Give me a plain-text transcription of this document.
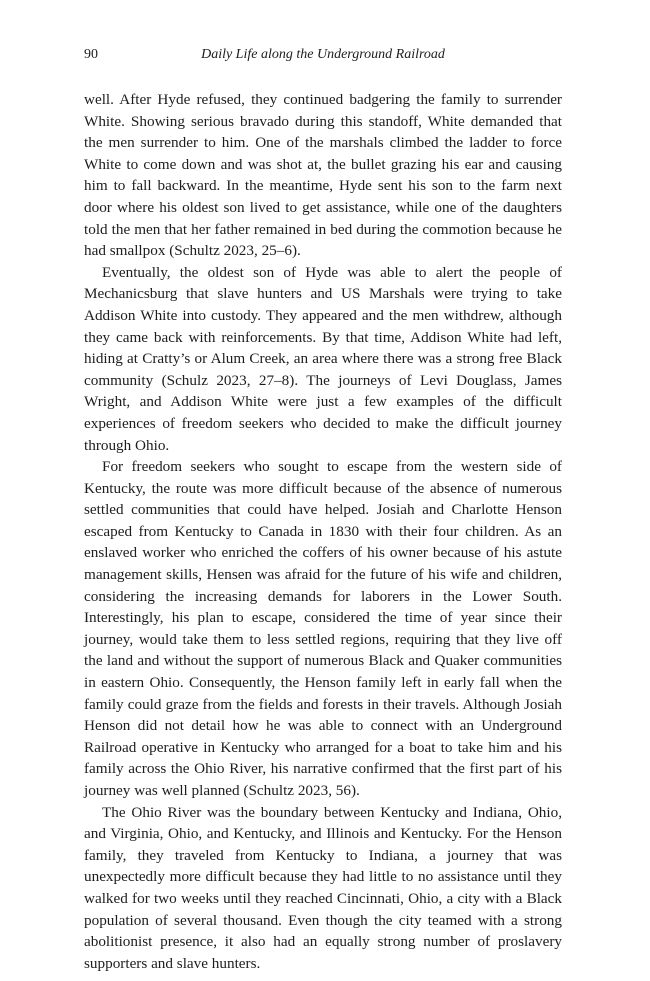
90	Daily Life along the Underground Railroad

well. After Hyde refused, they continued badgering the family to surrender White. Showing serious bravado during this standoff, White demanded that the men surrender to him. One of the marshals climbed the ladder to force White to come down and was shot at, the bullet grazing his ear and causing him to fall backward. In the meantime, Hyde sent his son to the farm next door where his oldest son lived to get assistance, while one of the daughters told the men that her father remained in bed during the commotion because he had smallpox (Schultz 2023, 25–6).

Eventually, the oldest son of Hyde was able to alert the people of Mechanicsburg that slave hunters and US Marshals were trying to take Addison White into custody. They appeared and the men withdrew, although they came back with reinforcements. By that time, Addison White had left, hiding at Cratty’s or Alum Creek, an area where there was a strong free Black community (Schulz 2023, 27–8). The journeys of Levi Douglass, James Wright, and Addison White were just a few examples of the difficult experiences of freedom seekers who decided to make the difficult journey through Ohio.

For freedom seekers who sought to escape from the western side of Kentucky, the route was more difficult because of the absence of numerous settled communities that could have helped. Josiah and Charlotte Henson escaped from Kentucky to Canada in 1830 with their four children. As an enslaved worker who enriched the coffers of his owner because of his astute management skills, Hensen was afraid for the future of his wife and children, considering the increasing demands for laborers in the Lower South. Interestingly, his plan to escape, considered the time of year since their journey, would take them to less settled regions, requiring that they live off the land and without the support of numerous Black and Quaker communities in eastern Ohio. Consequently, the Henson family left in early fall when the family could graze from the fields and forests in their travels. Although Josiah Henson did not detail how he was able to connect with an Underground Railroad operative in Kentucky who arranged for a boat to take him and his family across the Ohio River, his narrative confirmed that the first part of his journey was well planned (Schultz 2023, 56).

The Ohio River was the boundary between Kentucky and Indiana, Ohio, and Virginia, Ohio, and Kentucky, and Illinois and Kentucky. For the Henson family, they traveled from Kentucky to Indiana, a journey that was unexpectedly more difficult because they had little to no assistance until they walked for two weeks until they reached Cincinnati, Ohio, a city with a Black population of several thousand. Even though the city teamed with a strong abolitionist presence, it also had an equally strong number of proslavery supporters and slave hunters.
